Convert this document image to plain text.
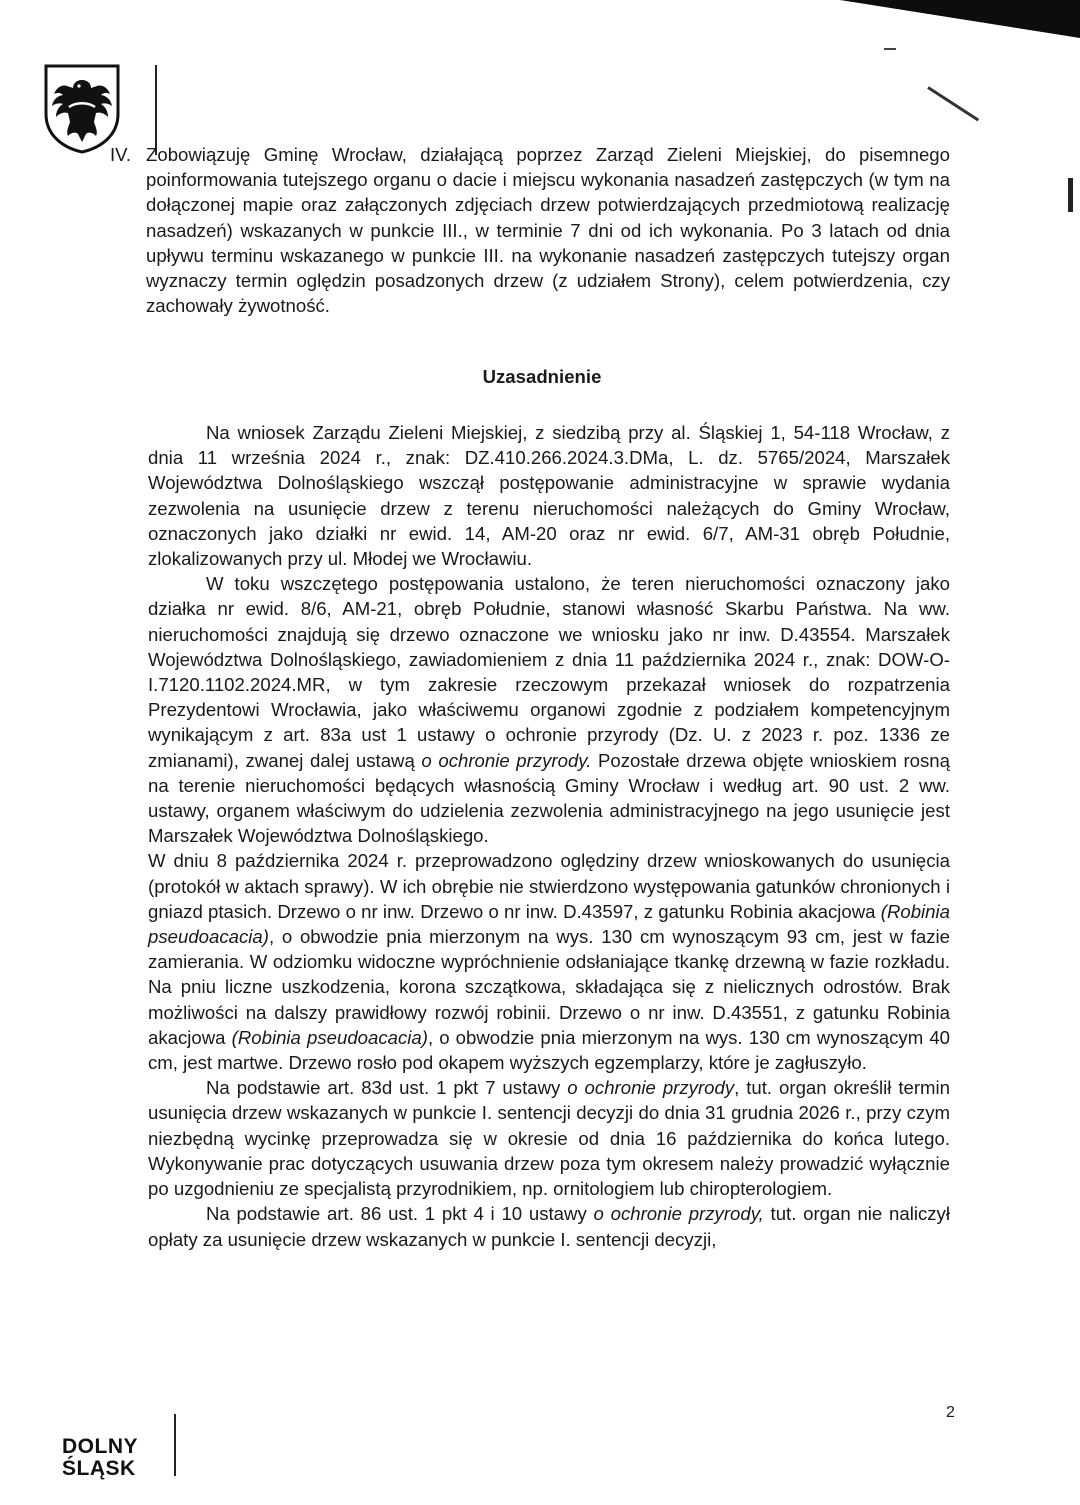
IV. Zobowiązuję Gminę Wrocław, działającą poprzez Zarząd Zieleni Miejskiej, do pisemnego poinformowania tutejszego organu o dacie i miejscu wykonania nasadzeń zastępczych (w tym na dołączonej mapie oraz załączonych zdjęciach drzew potwierdzających przedmiotową realizację nasadzeń) wskazanych w punkcie III., w terminie 7 dni od ich wykonania. Po 3 latach od dnia upływu terminu wskazanego w punkcie III. na wykonanie nasadzeń zastępczych tutejszy organ wyznaczy termin oględzin posadzonych drzew (z udziałem Strony), celem potwierdzenia, czy zachowały żywotność.

Uzasadnienie

Na wniosek Zarządu Zieleni Miejskiej, z siedzibą przy al. Śląskiej 1, 54-118 Wrocław, z dnia 11 września 2024 r., znak: DZ.410.266.2024.3.DMa, L. dz. 5765/2024, Marszałek Województwa Dolnośląskiego wszczął postępowanie administracyjne w sprawie wydania zezwolenia na usunięcie drzew z terenu nieruchomości należących do Gminy Wrocław, oznaczonych jako działki nr ewid. 14, AM-20 oraz nr ewid. 6/7, AM-31 obręb Południe, zlokalizowanych przy ul. Młodej we Wrocławiu.

W toku wszczętego postępowania ustalono, że teren nieruchomości oznaczony jako działka nr ewid. 8/6, AM-21, obręb Południe, stanowi własność Skarbu Państwa. Na ww. nieruchomości znajdują się drzewo oznaczone we wniosku jako nr inw. D.43554. Marszałek Województwa Dolnośląskiego, zawiadomieniem z dnia 11 października 2024 r., znak: DOW-O-I.7120.1102.2024.MR, w tym zakresie rzeczowym przekazał wniosek do rozpatrzenia Prezydentowi Wrocławia, jako właściwemu organowi zgodnie z podziałem kompetencyjnym wynikającym z art. 83a ust 1 ustawy o ochronie przyrody (Dz. U. z 2023 r. poz. 1336 ze zmianami), zwanej dalej ustawą o ochronie przyrody. Pozostałe drzewa objęte wnioskiem rosną na terenie nieruchomości będących własnością Gminy Wrocław i według art. 90 ust. 2 ww. ustawy, organem właściwym do udzielenia zezwolenia administracyjnego na jego usunięcie jest Marszałek Województwa Dolnośląskiego.

W dniu 8 października 2024 r. przeprowadzono oględziny drzew wnioskowanych do usunięcia (protokół w aktach sprawy). W ich obrębie nie stwierdzono występowania gatunków chronionych i gniazd ptasich. Drzewo o nr inw. Drzewo o nr inw. D.43597, z gatunku Robinia akacjowa (Robinia pseudoacacia), o obwodzie pnia mierzonym na wys. 130 cm wynoszącym 93 cm, jest w fazie zamierania. W odziomku widoczne wypróchnienie odsłaniające tkankę drzewną w fazie rozkładu. Na pniu liczne uszkodzenia, korona szczątkowa, składająca się z nielicznych odrostów. Brak możliwości na dalszy prawidłowy rozwój robinii. Drzewo o nr inw. D.43551, z gatunku Robinia akacjowa (Robinia pseudoacacia), o obwodzie pnia mierzonym na wys. 130 cm wynoszącym 40 cm, jest martwe. Drzewo rosło pod okapem wyższych egzemplarzy, które je zagłuszyło.

Na podstawie art. 83d ust. 1 pkt 7 ustawy o ochronie przyrody, tut. organ określił termin usunięcia drzew wskazanych w punkcie I. sentencji decyzji do dnia 31 grudnia 2026 r., przy czym niezbędną wycinkę przeprowadza się w okresie od dnia 16 października do końca lutego. Wykonywanie prac dotyczących usuwania drzew poza tym okresem należy prowadzić wyłącznie po uzgodnieniu ze specjalistą przyrodnikiem, np. ornitologiem lub chiropterologiem.

Na podstawie art. 86 ust. 1 pkt 4 i 10 ustawy o ochronie przyrody, tut. organ nie naliczył opłaty za usunięcie drzew wskazanych w punkcie I. sentencji decyzji,

2
DOLNY
ŚLĄSK
